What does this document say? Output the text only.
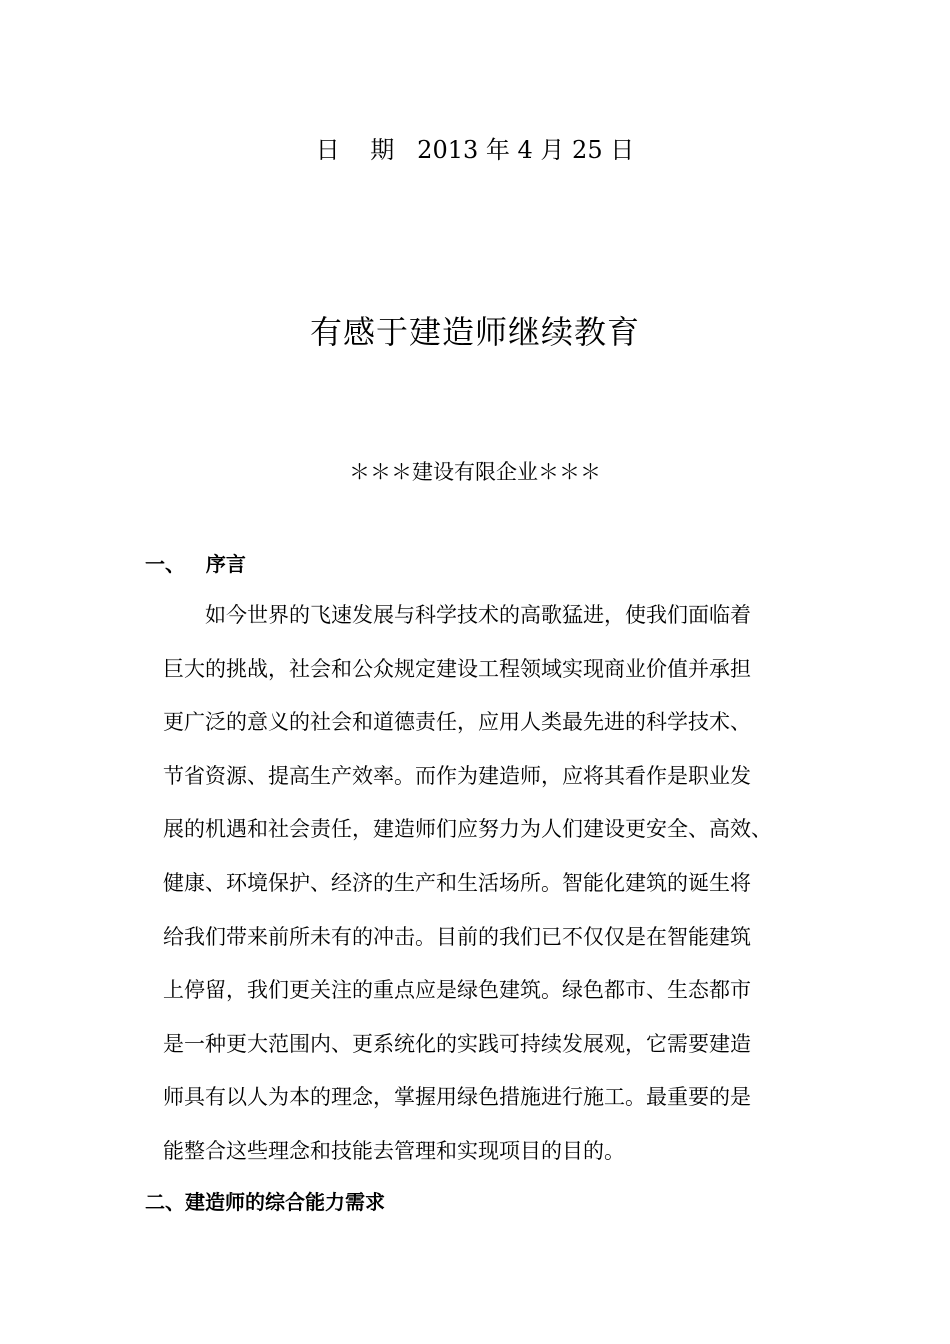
日    期   2013 年 4 月 25 日
有感于建造师继续教育
＊＊＊建设有限企业＊＊＊
一、   序言
如今世界的飞速发展与科学技术的高歌猛进，使我们面临着
巨大的挑战，社会和公众规定建设工程领域实现商业价值并承担
更广泛的意义的社会和道德责任，应用人类最先进的科学技术、
节省资源、提高生产效率。而作为建造师，应将其看作是职业发
展的机遇和社会责任，建造师们应努力为人们建设更安全、高效、
健康、环境保护、经济的生产和生活场所。智能化建筑的诞生将
给我们带来前所未有的冲击。目前的我们已不仅仅是在智能建筑
上停留，我们更关注的重点应是绿色建筑。绿色都市、生态都市
是一种更大范围内、更系统化的实践可持续发展观，它需要建造
师具有以人为本的理念，掌握用绿色措施进行施工。最重要的是
能整合这些理念和技能去管理和实现项目的目的。
二、建造师的综合能力需求
